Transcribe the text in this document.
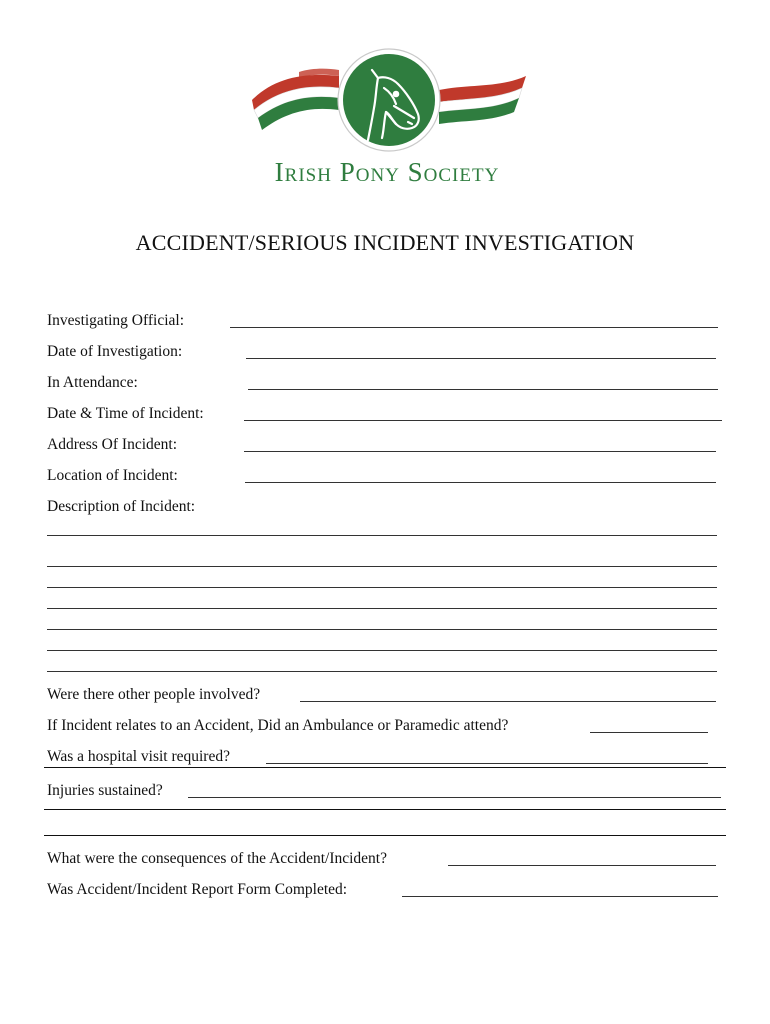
Irish Pony Society
ACCIDENT/SERIOUS INCIDENT INVESTIGATION
Investigating Official:
Date of Investigation:
In Attendance:
Date & Time of Incident:
Address Of Incident:
Location of Incident:
Description of Incident:
Were there other people involved?
If Incident relates to an Accident, Did an Ambulance or Paramedic attend?
Was a hospital visit required?
Injuries sustained?
What were the consequences of the Accident/Incident?
Was Accident/Incident Report Form Completed:
